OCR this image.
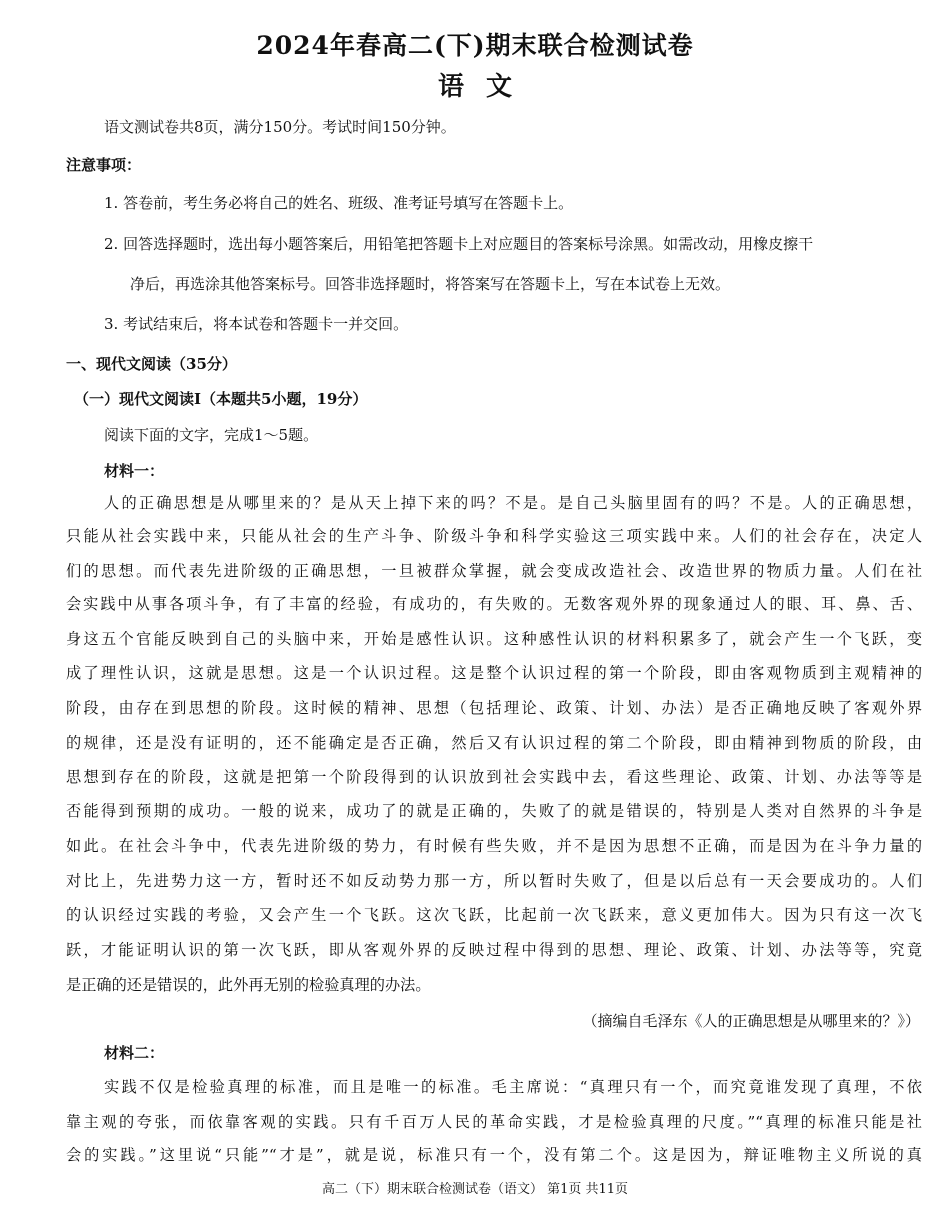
2024年春高二(下)期末联合检测试卷
语文
语文测试卷共8页，满分150分。考试时间150分钟。
注意事项：
1. 答卷前，考生务必将自己的姓名、班级、准考证号填写在答题卡上。
2. 回答选择题时，选出每小题答案后，用铅笔把答题卡上对应题目的答案标号涂黑。如需改动，用橡皮擦干
净后，再选涂其他答案标号。回答非选择题时，将答案写在答题卡上，写在本试卷上无效。
3. 考试结束后，将本试卷和答题卡一并交回。
一、现代文阅读（35分）
（一）现代文阅读Ⅰ（本题共5小题，19分）
阅读下面的文字，完成1～5题。
材料一：
人的正确思想是从哪里来的？是从天上掉下来的吗？不是。是自己头脑里固有的吗？不是。人的正确思想，
只能从社会实践中来，只能从社会的生产斗争、阶级斗争和科学实验这三项实践中来。人们的社会存在，决定人
们的思想。而代表先进阶级的正确思想，一旦被群众掌握，就会变成改造社会、改造世界的物质力量。人们在社
会实践中从事各项斗争，有了丰富的经验，有成功的，有失败的。无数客观外界的现象通过人的眼、耳、鼻、舌、
身这五个官能反映到自己的头脑中来，开始是感性认识。这种感性认识的材料积累多了，就会产生一个飞跃，变
成了理性认识，这就是思想。这是一个认识过程。这是整个认识过程的第一个阶段，即由客观物质到主观精神的
阶段，由存在到思想的阶段。这时候的精神、思想（包括理论、政策、计划、办法）是否正确地反映了客观外界
的规律，还是没有证明的，还不能确定是否正确，然后又有认识过程的第二个阶段，即由精神到物质的阶段，由
思想到存在的阶段，这就是把第一个阶段得到的认识放到社会实践中去，看这些理论、政策、计划、办法等等是
否能得到预期的成功。一般的说来，成功了的就是正确的，失败了的就是错误的，特别是人类对自然界的斗争是
如此。在社会斗争中，代表先进阶级的势力，有时候有些失败，并不是因为思想不正确，而是因为在斗争力量的
对比上，先进势力这一方，暂时还不如反动势力那一方，所以暂时失败了，但是以后总有一天会要成功的。人们
的认识经过实践的考验，又会产生一个飞跃。这次飞跃，比起前一次飞跃来，意义更加伟大。因为只有这一次飞
跃，才能证明认识的第一次飞跃，即从客观外界的反映过程中得到的思想、理论、政策、计划、办法等等，究竟
是正确的还是错误的，此外再无别的检验真理的办法。
（摘编自毛泽东《人的正确思想是从哪里来的？》）
材料二：
实践不仅是检验真理的标准，而且是唯一的标准。毛主席说：“真理只有一个，而究竟谁发现了真理，不依
靠主观的夸张，而依靠客观的实践。只有千百万人民的革命实践，才是检验真理的尺度。”“真理的标准只能是社
会的实践。”这里说“只能”“才是”，就是说，标准只有一个，没有第二个。这是因为，辩证唯物主义所说的真
高二（下）期末联合检测试卷（语文） 第1页 共11页
